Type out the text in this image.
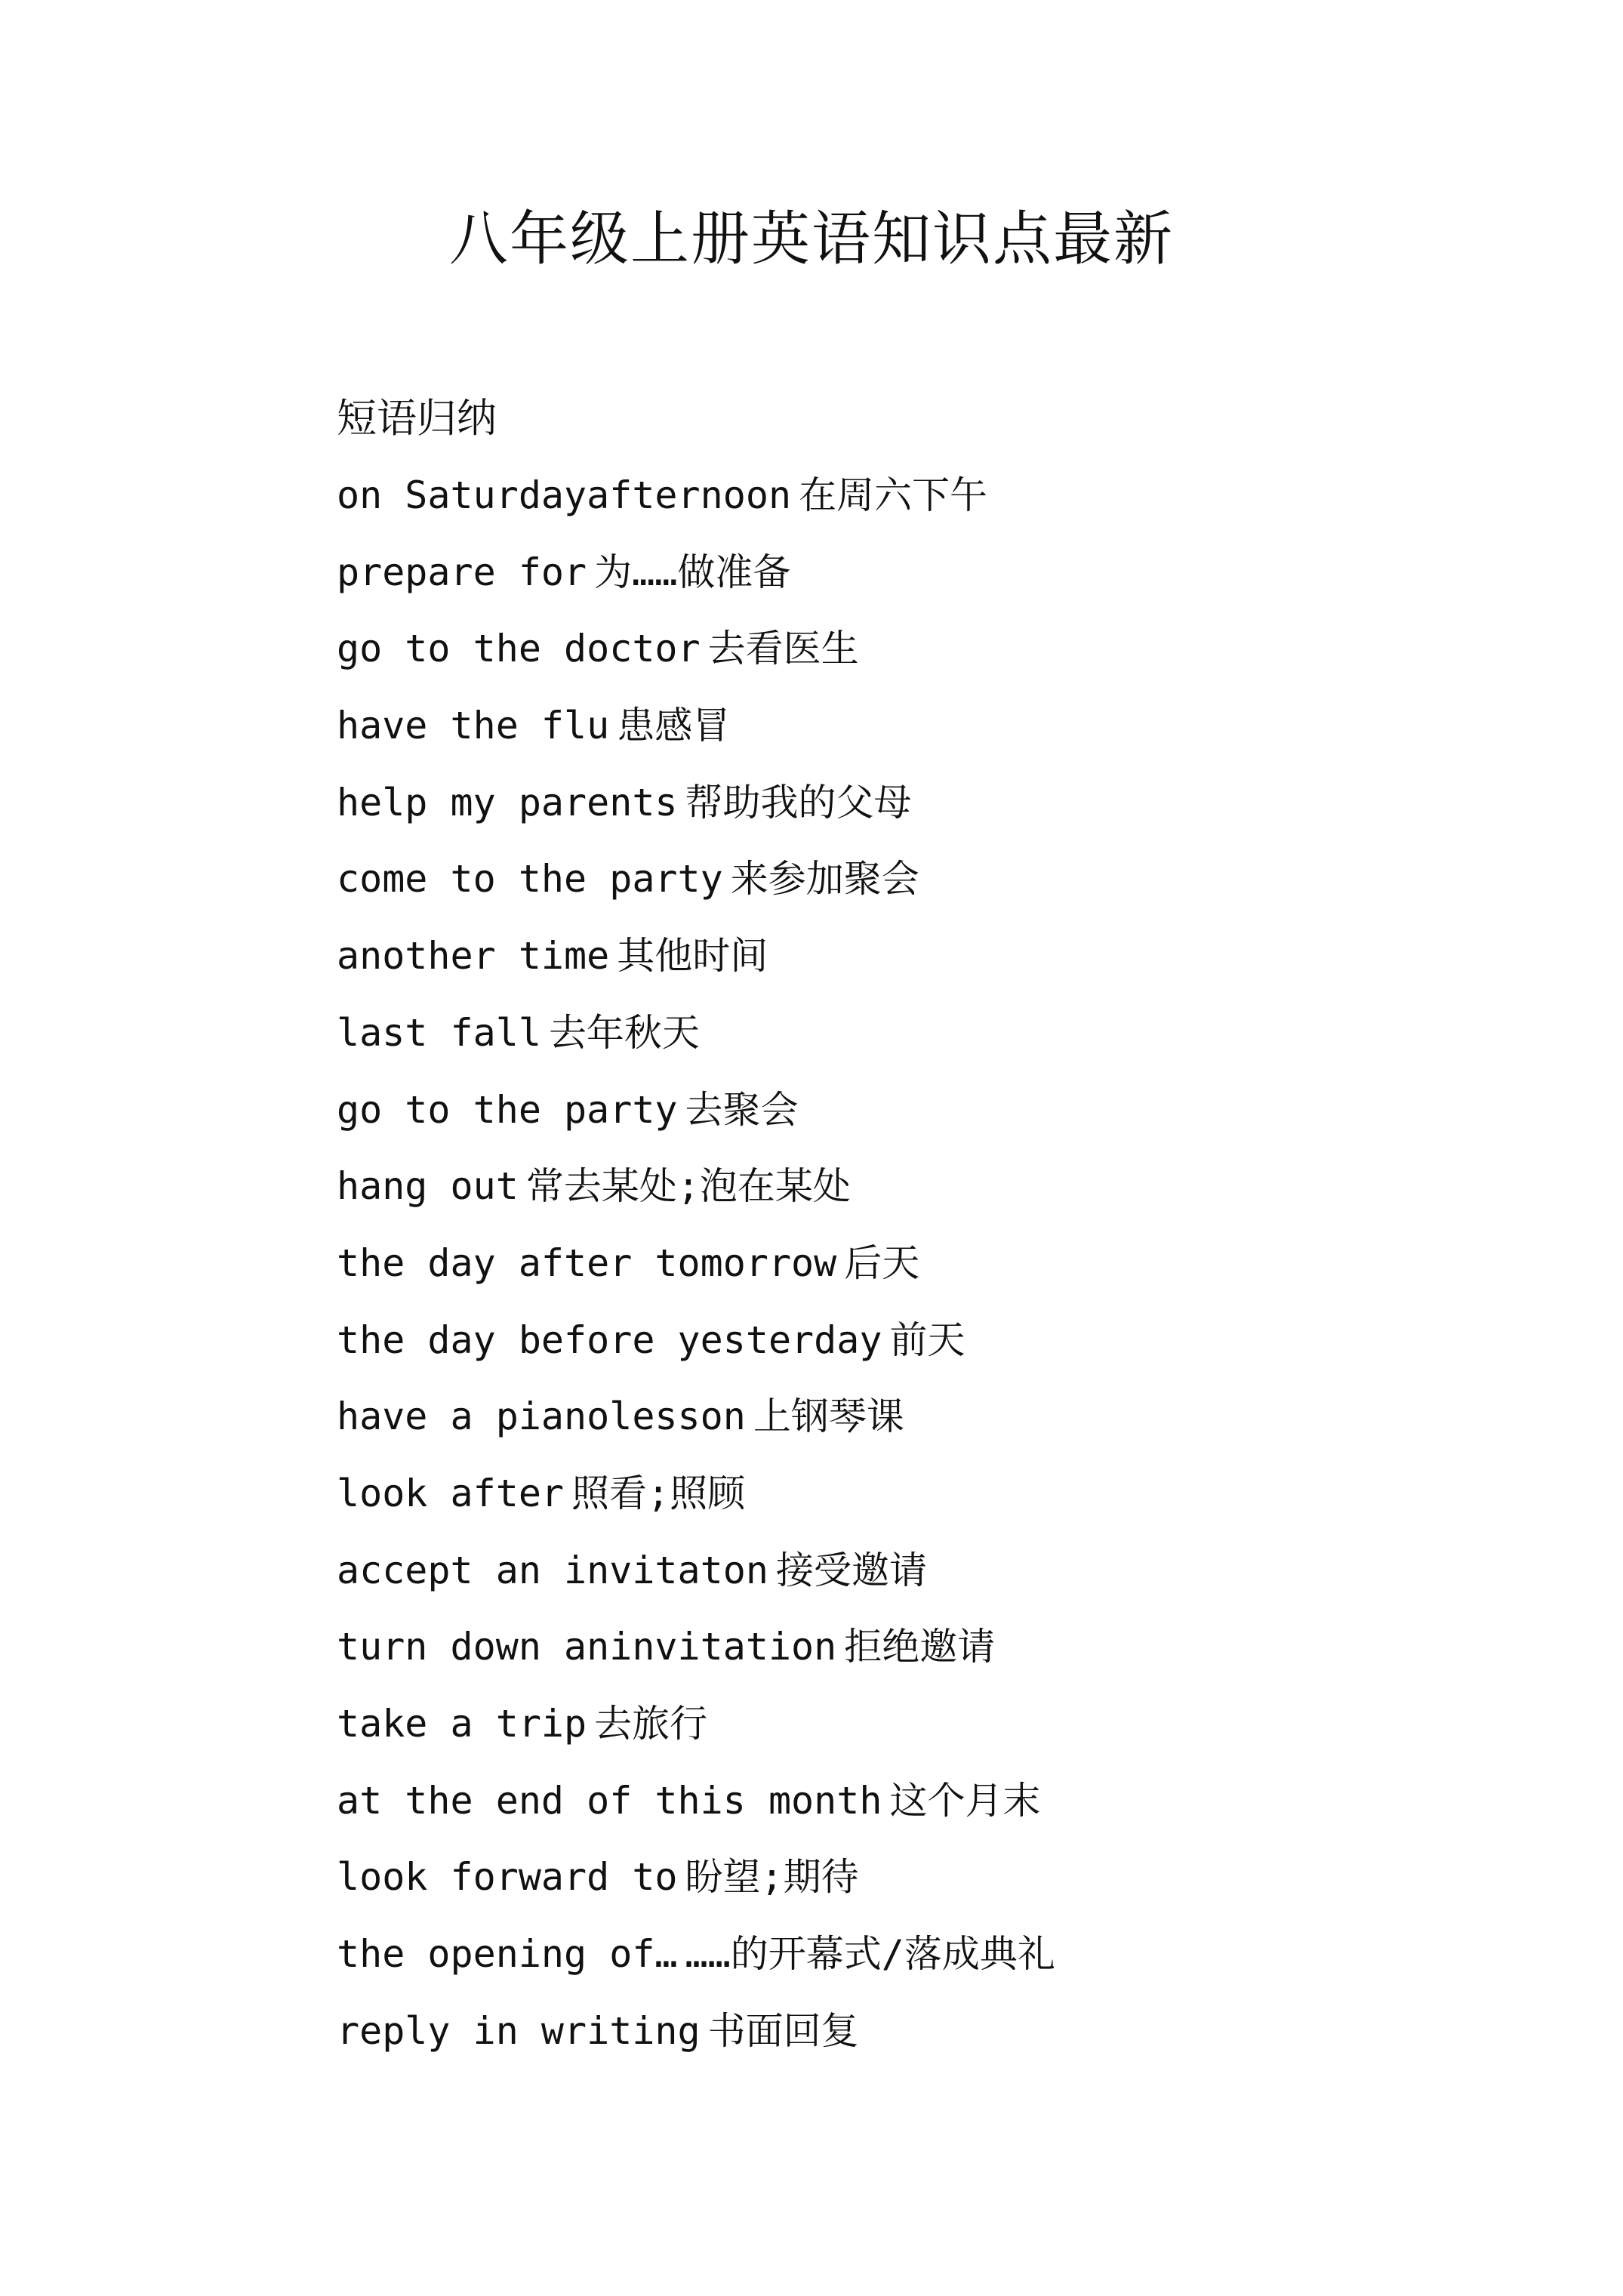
八年级上册英语知识点最新
短语归纳
on Saturdayafternoon 在周六下午
prepare for 为……做准备
go to the doctor 去看医生
have the flu 患感冒
help my parents 帮助我的父母
come to the party 来参加聚会
another time 其他时间
last fall 去年秋天
go to the party 去聚会
hang out 常去某处;泡在某处
the day after tomorrow 后天
the day before yesterday 前天
have a pianolesson 上钢琴课
look after 照看;照顾
accept an invitaton 接受邀请
turn down aninvitation 拒绝邀请
take a trip 去旅行
at the end of this month 这个月末
look forward to 盼望;期待
the opening of… ……的开幕式/落成典礼
reply in writing 书面回复
